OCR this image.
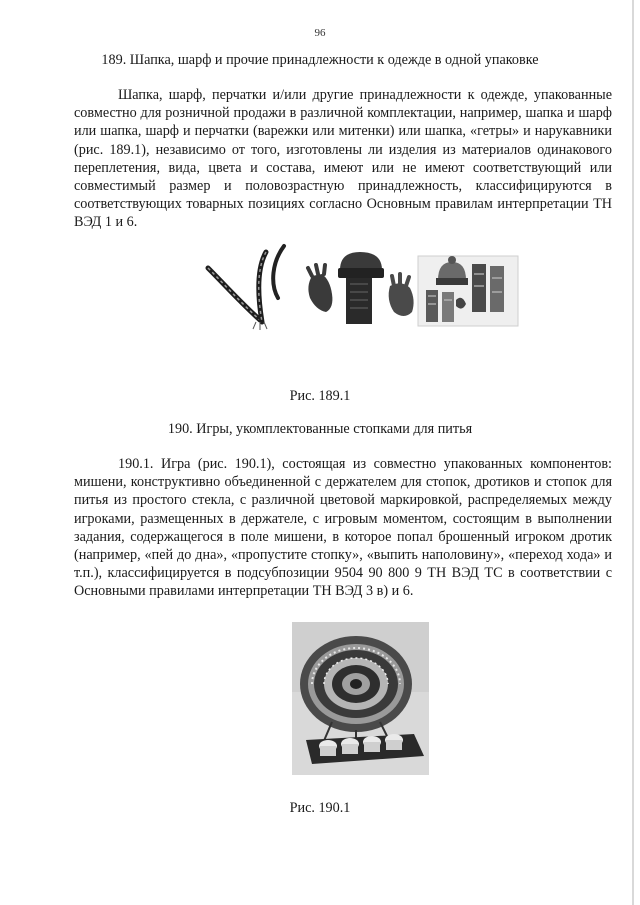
96
189. Шапка, шарф и прочие принадлежности к одежде в одной упаковке

Шапка, шарф, перчатки и/или другие принадлежности к одежде, упакованные совместно для розничной продажи в различной комплектации, например, шапка и шарф или шапка, шарф и перчатки (варежки или митенки) или шапка, «гетры» и нарукавники (рис. 189.1), независимо от того, изготовлены ли изделия из материалов одинакового переплетения, вида, цвета и состава, имеют или не имеют соответствующий или совместимый размер и половозрастную принадлежность, классифицируются в соответствующих товарных позициях согласно Основным правилам интерпретации ТН ВЭД 1 и 6.

Рис. 189.1
190. Игры, укомплектованные стопками для питья

190.1. Игра (рис. 190.1), состоящая из совместно упакованных компонентов: мишени, конструктивно объединенной с держателем для стопок, дротиков и стопок для питья из простого стекла, с различной цветовой маркировкой, распределяемых между игроками, размещенных в держателе, с игровым моментом, состоящим в выполнении задания, содержащегося в поле мишени, в которое попал брошенный игроком дротик (например, «пей до дна», «пропустите стопку», «выпить наполовину», «переход хода» и т.п.), классифицируется в подсубпозиции 9504 90 800 9 ТН ВЭД ТС в соответствии с Основными правилами интерпретации ТН ВЭД 3 в) и 6.

Рис. 190.1
